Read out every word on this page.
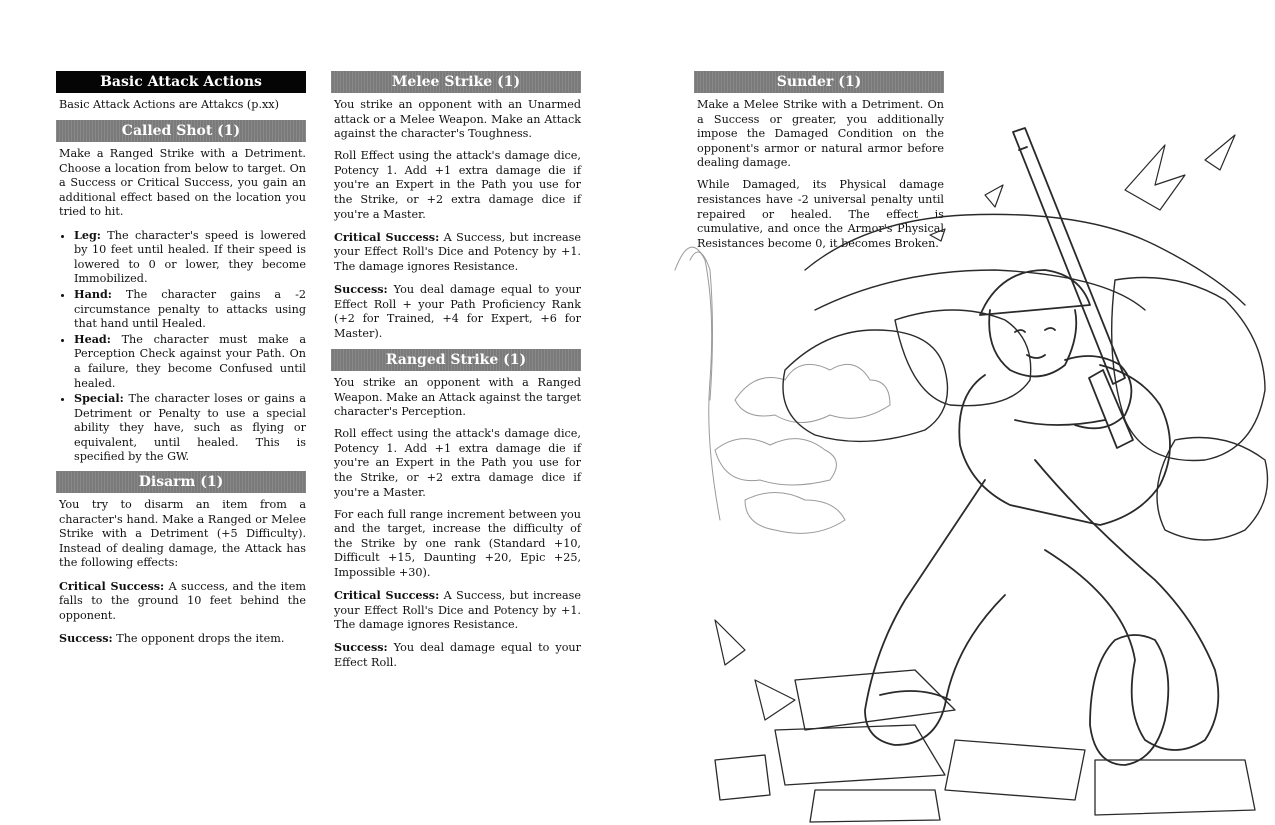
Basic Attack Actions

Basic Attack Actions are Attakcs (p.xx)

Called Shot (1)

Make a Ranged Strike with a Detriment. Choose a location from below to target. On a Success or Critical Success, you gain an additional effect based on the location you tried to hit.

• Leg: The character's speed is lowered by 10 feet until healed. If their speed is lowered to 0 or lower, they become Immobilized.
• Hand: The character gains a -2 circumstance penalty to attacks using that hand until Healed.
• Head: The character must make a Perception Check against your Path. On a failure, they become Confused until healed.
• Special: The character loses or gains a Detriment or Penalty to use a special ability they have, such as flying or equivalent, until healed. This is specified by the GW.
Disarm (1)

You try to disarm an item from a character's hand. Make a Ranged or Melee Strike with a Detriment (+5 Difficulty). Instead of dealing damage, the Attack has the following effects:

Critical Success: A success, and the item falls to the ground 10 feet behind the opponent.

Success: The opponent drops the item.

Melee Strike (1)

You strike an opponent with an Unarmed attack or a Melee Weapon. Make an Attack against the character's Toughness.

Roll Effect using the attack's damage dice, Potency 1. Add +1 extra damage die if you're an Expert in the Path you use for the Strike, or +2 extra damage dice if you're a Master.

Critical Success: A Success, but increase your Effect Roll's Dice and Potency by +1. The damage ignores Resistance.

Success: You deal damage equal to your Effect Roll + your Path Proficiency Rank (+2 for Trained, +4 for Expert, +6 for Master).

Ranged Strike (1)

You strike an opponent with a Ranged Weapon. Make an Attack against the target character's Perception.

Roll effect using the attack's damage dice, Potency 1. Add +1 extra damage die if you're an Expert in the Path you use for the Strike, or +2 extra damage dice if you're a Master.

For each full range increment between you and the target, increase the difficulty of the Strike by one rank (Standard +10, Difficult +15, Daunting +20, Epic +25, Impossible +30).

Critical Success: A Success, but increase your Effect Roll's Dice and Potency by +1. The damage ignores Resistance.

Success: You deal damage equal to your Effect Roll.

Sunder (1)

Make a Melee Strike with a Detriment. On a Success or greater, you additionally impose the Damaged Condition on the opponent's armor or natural armor before dealing damage.

While Damaged, its Physical damage resistances have -2 universal penalty until repaired or healed. The effect is cumulative, and once the Armor's Physical Resistances become 0, it becomes Broken.
